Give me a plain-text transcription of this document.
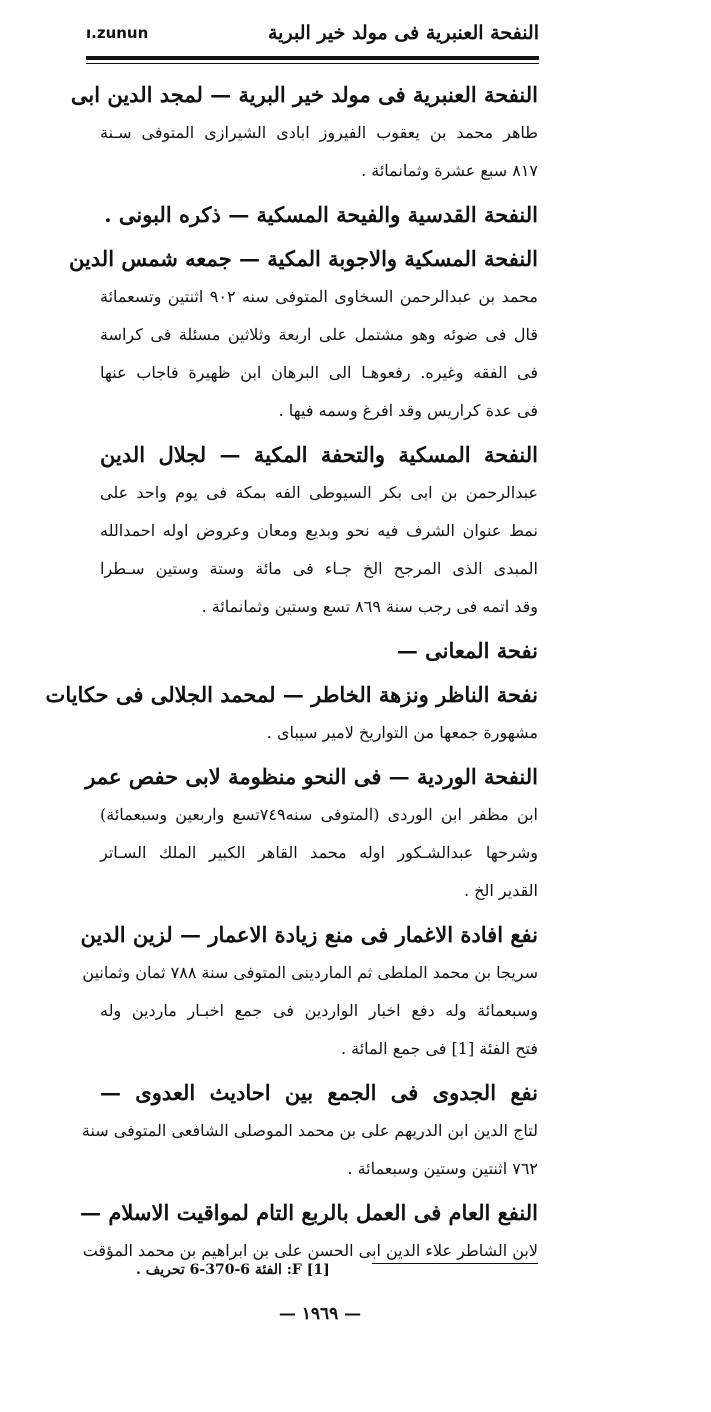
ı.zunun	النفحة العنبرية فى مولد خير البرية
النفحة العنبرية فى مولد خير البرية — لمجد الدين ابى
طاهر محمد بن يعقوب الفيروز ابادى الشيرازى المتوفى سـنة
٨١٧ سبع عشرة وثمانمائة .
النفحة القدسية والفيحة المسكية — ذكره البونى .
النفحة المسكية والاجوبة المكية — جمعه شمس الدين
محمد بن عبدالرحمن السخاوى المتوفى سنه ٩٠٢ اثنتين وتسعمائة
قال فى ضوئه وهو مشتمل على اربعة وثلاثين مسئلة فى كراسة
فى الفقه وغيره. رفعوهـا الى البرهان ابن ظهيرة فاجاب عنها
فى عدة كراريس وقد افرغ وسمه فيها .
النفحة المسكية والتحفة المكية — لجلال الدين
عبدالرحمن بن ابى بكر السيوطى الفه بمكة فى يوم واحد على
نمط عنوان الشرف فيه نحو وبديع ومعان وعروض اوله احمدالله
المبدى الذى المرجح الخ جـاء فى مائة وستة وستين سـطرا
وقد اتمه فى رجب سنة ٨٦٩ تسع وستين وثمانمائة .
نفحة المعانى —
نفحة الناظر ونزهة الخاطر — لمحمد الجلالى فى حكايات
مشهورة جمعها من التواريخ لامير سيباى .
النفحة الوردية — فى النحو منظومة لابى حفص عمر
ابن مظفر ابن الوردى (المتوفى سنه٧٤٩تسع واربعين وسبعمائة)
وشرحها عبدالشـكور اوله محمد القاهر الكبير الملك السـاتر
القدير الخ .
نفع افادة الاغمار فى منع زيادة الاعمار — لزين الدين
سريجا بن محمد الملطى ثم الماردينى المتوفى سنة ٧٨٨ ثمان وثمانين
وسبعمائة وله دفع اخبار الواردين فى جمع اخبـار ماردين وله
فتح الفئة [1] فى جمع المائة .
نفع الجدوى فى الجمع بين احاديث العدوى —
لتاج الدين ابن الدريهم على بن محمد الموصلى الشافعى المتوفى سنة
٧٦٢ اثنتين وستين وسبعمائة .
النفع العام فى العمل بالربع التام لمواقيت الاسلام —
لابن الشاطر علاء الدين ابى الحسن على بن ابراهيم بن محمد المؤقت
[1] F: الفئة 6-370-6 تحريف .
— ١٩٦٩ —
